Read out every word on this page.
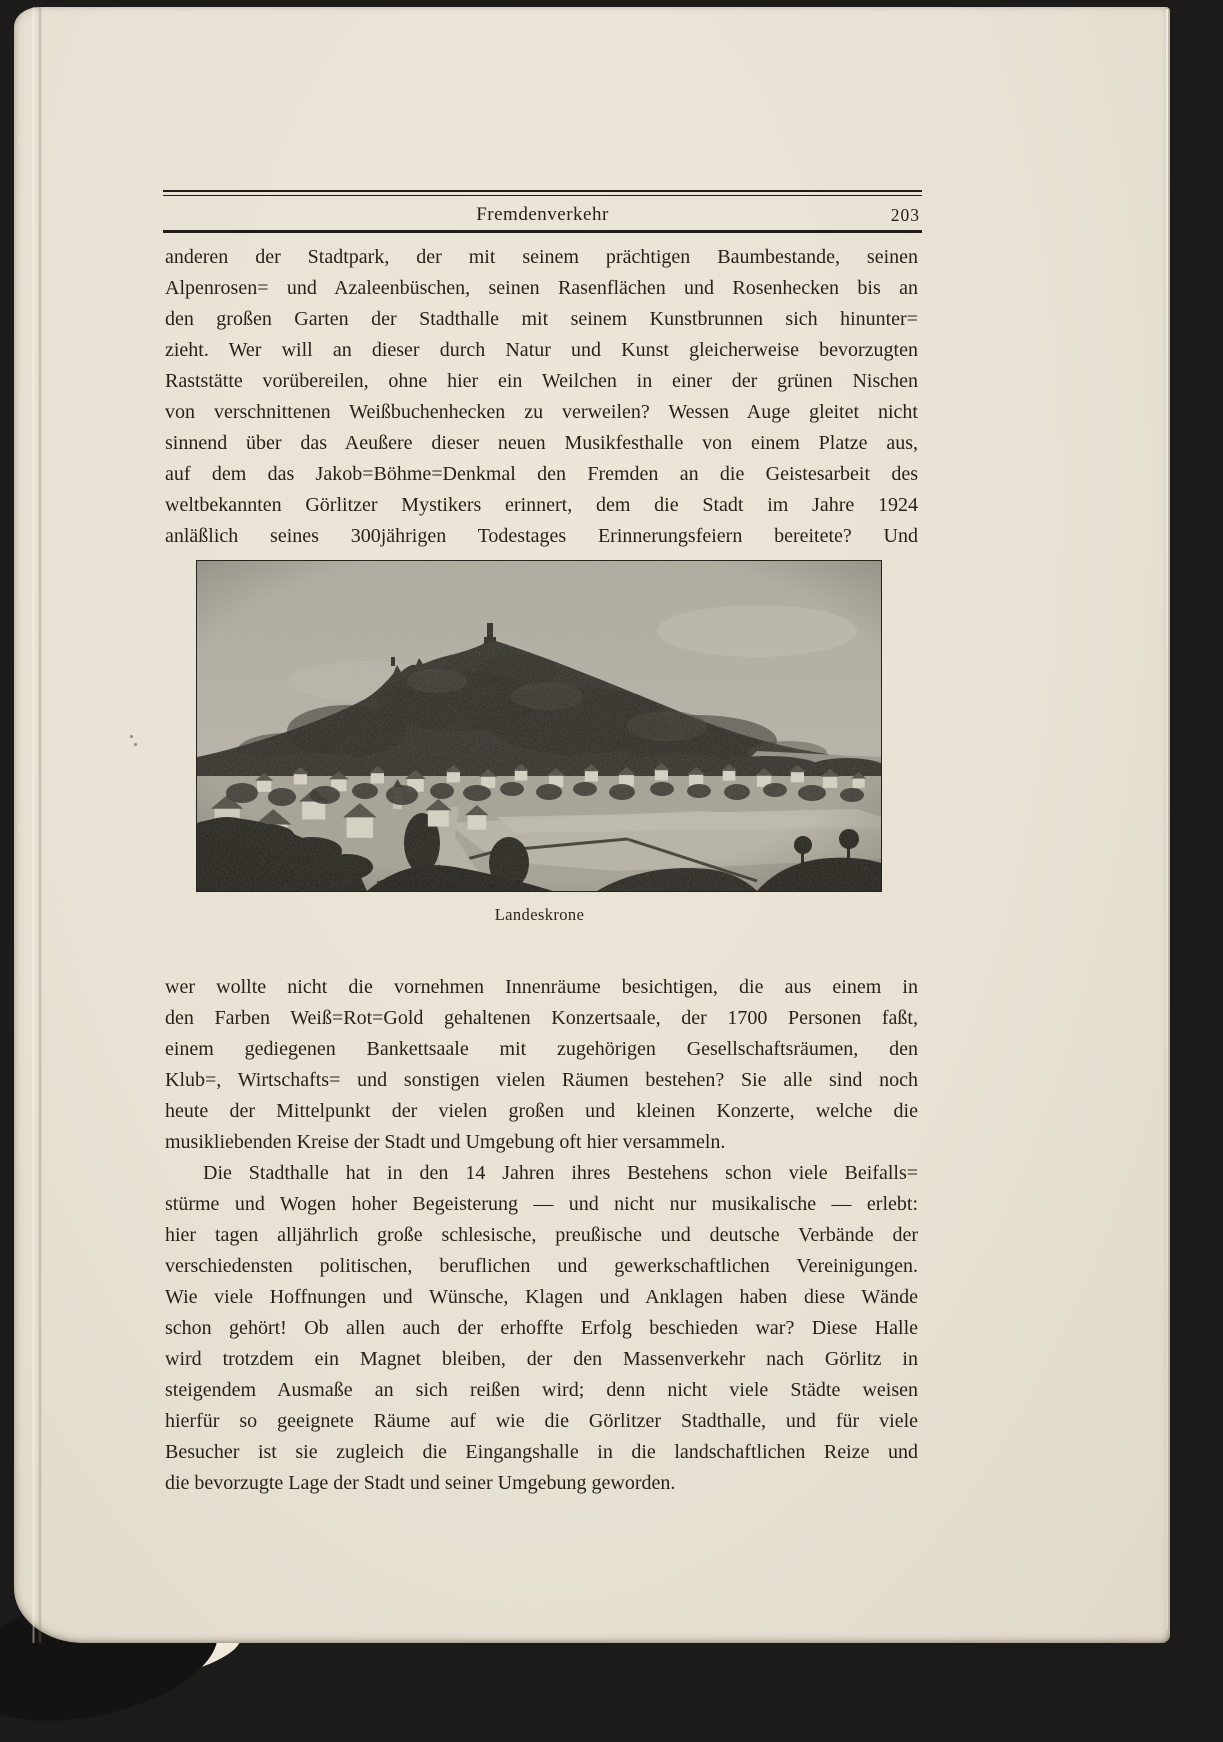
Fremdenverkehr	203
anderen der Stadtpark, der mit seinem prächtigen Baumbestande, seinen
Alpenrosen= und Azaleenbüschen, seinen Rasenflächen und Rosenhecken bis an
den großen Garten der Stadthalle mit seinem Kunstbrunnen sich hinunter=
zieht. Wer will an dieser durch Natur und Kunst gleicherweise bevorzugten
Raststätte vorübereilen, ohne hier ein Weilchen in einer der grünen Nischen
von verschnittenen Weißbuchenhecken zu verweilen? Wessen Auge gleitet nicht
sinnend über das Aeußere dieser neuen Musikfesthalle von einem Platze aus,
auf dem das Jakob=Böhme=Denkmal den Fremden an die Geistesarbeit des
weltbekannten Görlitzer Mystikers erinnert, dem die Stadt im Jahre 1924
anläßlich seines 300jährigen Todestages Erinnerungsfeiern bereitete? Und
Landeskrone
wer wollte nicht die vornehmen Innenräume besichtigen, die aus einem in
den Farben Weiß=Rot=Gold gehaltenen Konzertsaale, der 1700 Personen faßt,
einem gediegenen Bankettsaale mit zugehörigen Gesellschaftsräumen, den
Klub=, Wirtschafts= und sonstigen vielen Räumen bestehen? Sie alle sind noch
heute der Mittelpunkt der vielen großen und kleinen Konzerte, welche die
musikliebenden Kreise der Stadt und Umgebung oft hier versammeln.
Die Stadthalle hat in den 14 Jahren ihres Bestehens schon viele Beifalls=
stürme und Wogen hoher Begeisterung — und nicht nur musikalische — erlebt:
hier tagen alljährlich große schlesische, preußische und deutsche Verbände der
verschiedensten politischen, beruflichen und gewerkschaftlichen Vereinigungen.
Wie viele Hoffnungen und Wünsche, Klagen und Anklagen haben diese Wände
schon gehört! Ob allen auch der erhoffte Erfolg beschieden war? Diese Halle
wird trotzdem ein Magnet bleiben, der den Massenverkehr nach Görlitz in
steigendem Ausmaße an sich reißen wird; denn nicht viele Städte weisen
hierfür so geeignete Räume auf wie die Görlitzer Stadthalle, und für viele
Besucher ist sie zugleich die Eingangshalle in die landschaftlichen Reize und
die bevorzugte Lage der Stadt und seiner Umgebung geworden.
